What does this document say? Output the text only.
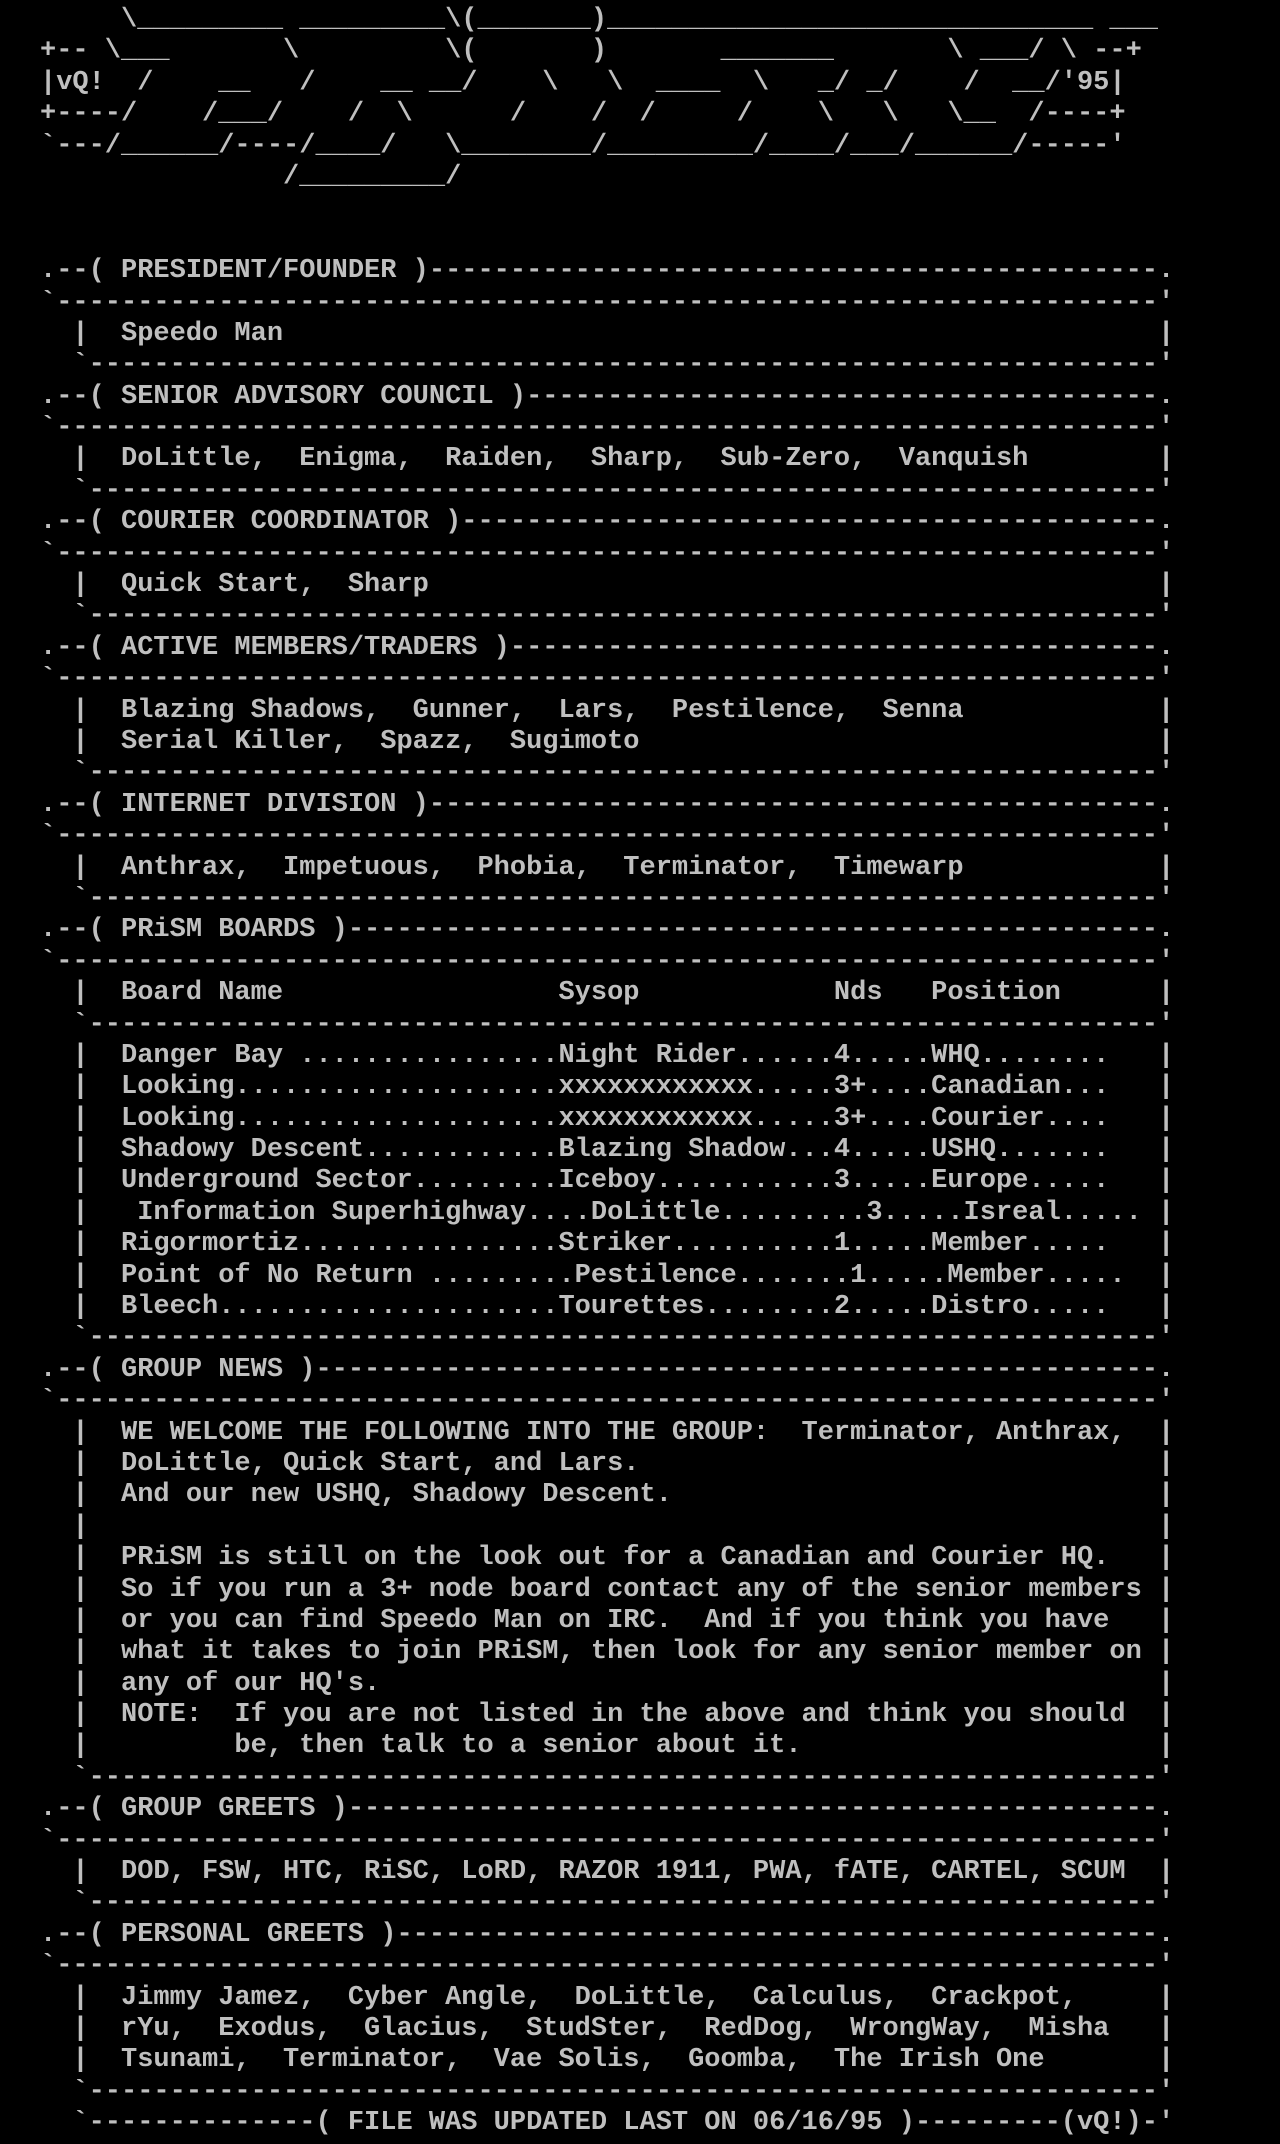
\_________ _________\(_______)______________________________ ___
+-- \___       \         \(       )       _______       \ ___/ \ --+
|vQ!  /    __   /    __ __/    \   \  ____  \   _/ _/    /  __/'95|
+----/    /___/    /  \      /    /  /     /    \   \   \__  /----+
`---/______/----/____/   \________/_________/____/___/______/-----'
/_________/
.--( PRESIDENT/FOUNDER )---------------------------------------------.
`--------------------------------------------------------------------'
|  Speedo Man                                                      |
`------------------------------------------------------------------'
.--( SENIOR ADVISORY COUNCIL )---------------------------------------.
`--------------------------------------------------------------------'
|  DoLittle,  Enigma,  Raiden,  Sharp,  Sub-Zero,  Vanquish        |
`------------------------------------------------------------------'
.--( COURIER COORDINATOR )-------------------------------------------.
`--------------------------------------------------------------------'
|  Quick Start,  Sharp                                             |
`------------------------------------------------------------------'
.--( ACTIVE MEMBERS/TRADERS )----------------------------------------.
`--------------------------------------------------------------------'
|  Blazing Shadows,  Gunner,  Lars,  Pestilence,  Senna            |
|  Serial Killer,  Spazz,  Sugimoto                                |
`------------------------------------------------------------------'
.--( INTERNET DIVISION )---------------------------------------------.
`--------------------------------------------------------------------'
|  Anthrax,  Impetuous,  Phobia,  Terminator,  Timewarp            |
`------------------------------------------------------------------'
.--( PRiSM BOARDS )--------------------------------------------------.
`--------------------------------------------------------------------'
|  Board Name                 Sysop            Nds   Position      |
`------------------------------------------------------------------'
|  Danger Bay ................Night Rider......4.....WHQ........   |
|  Looking....................xxxxxxxxxxxx.....3+....Canadian...   |
|  Looking....................xxxxxxxxxxxx.....3+....Courier....   |
|  Shadowy Descent............Blazing Shadow...4.....USHQ.......   |
|  Underground Sector.........Iceboy...........3.....Europe.....   |
|   Information Superhighway....DoLittle.........3.....Isreal..... |
|  Rigormortiz................Striker..........1.....Member.....   |
|  Point of No Return .........Pestilence.......1.....Member.....  |
|  Bleech.....................Tourettes........2.....Distro.....   |
`------------------------------------------------------------------'
.--( GROUP NEWS )----------------------------------------------------.
`--------------------------------------------------------------------'
|  WE WELCOME THE FOLLOWING INTO THE GROUP:  Terminator, Anthrax,  |
|  DoLittle, Quick Start, and Lars.                                |
|  And our new USHQ, Shadowy Descent.                              |
|                                                                  |
|  PRiSM is still on the look out for a Canadian and Courier HQ.   |
|  So if you run a 3+ node board contact any of the senior members |
|  or you can find Speedo Man on IRC.  And if you think you have   |
|  what it takes to join PRiSM, then look for any senior member on |
|  any of our HQ's.                                                |
|  NOTE:  If you are not listed in the above and think you should  |
|         be, then talk to a senior about it.                      |
`------------------------------------------------------------------'
.--( GROUP GREETS )--------------------------------------------------.
`--------------------------------------------------------------------'
|  DOD, FSW, HTC, RiSC, LoRD, RAZOR 1911, PWA, fATE, CARTEL, SCUM  |
`------------------------------------------------------------------'
.--( PERSONAL GREETS )-----------------------------------------------.
`--------------------------------------------------------------------'
|  Jimmy Jamez,  Cyber Angle,  DoLittle,  Calculus,  Crackpot,     |
|  rYu,  Exodus,  Glacius,  StudSter,  RedDog,  WrongWay,  Misha   |
|  Tsunami,  Terminator,  Vae Solis,  Goomba,  The Irish One       |
`------------------------------------------------------------------'
`--------------( FILE WAS UPDATED LAST ON 06/16/95 )---------(vQ!)-'
